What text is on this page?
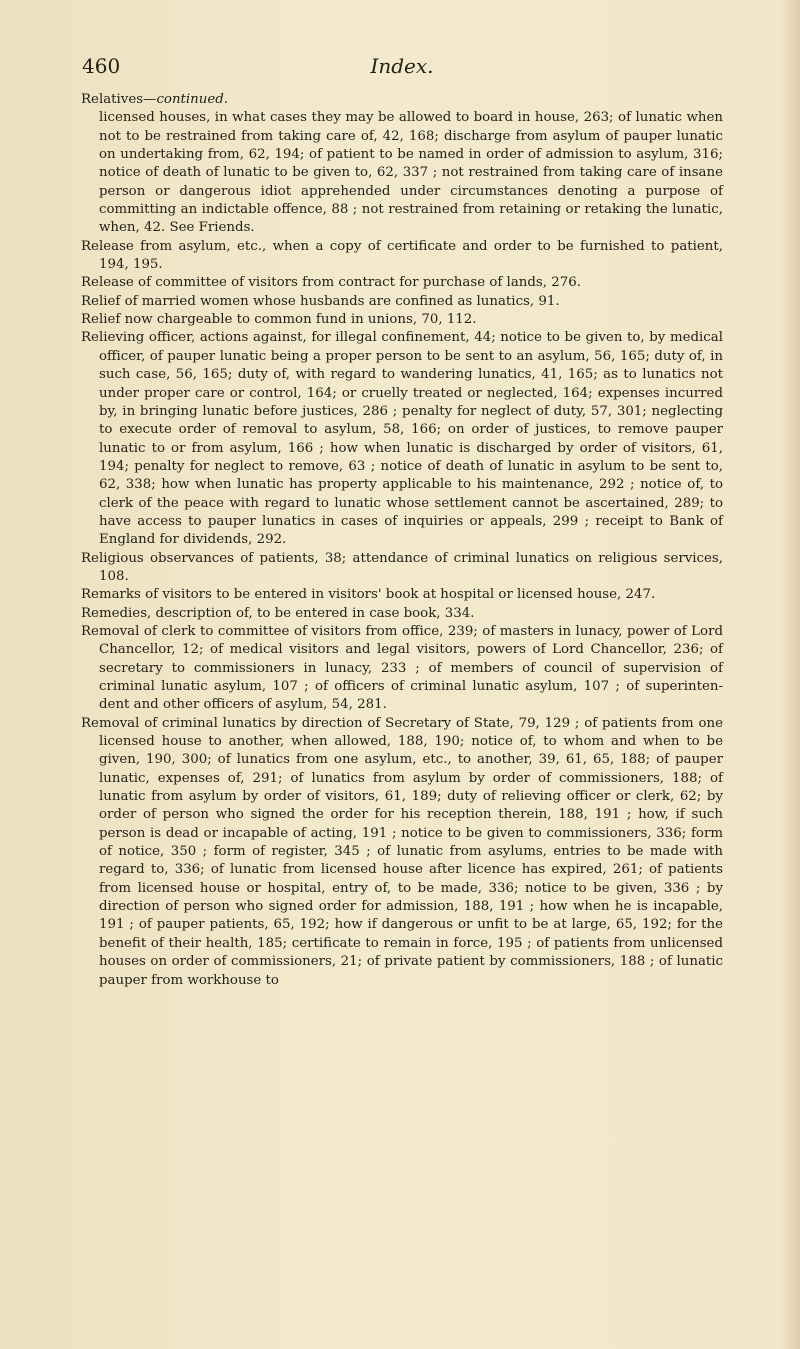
460	Index.

Relatives—continued.
licensed houses, in what cases they may be allowed to board in house, 263; of lunatic when not to be restrained from taking care of, 42, 168; discharge from asylum of pauper lunatic on undertaking from, 62, 194; of patient to be named in order of admission to asylum, 316; notice of death of lunatic to be given to, 62, 337 ; not restrained from taking care of insane person or dangerous idiot apprehended under circumstances denoting a purpose of committing an indictable offence, 88 ; not restrained from retaining or retaking the lunatic, when, 42. See Friends.

Release from asylum, etc., when a copy of certificate and order to be furnished to patient, 194, 195.

Release of committee of visitors from contract for purchase of lands, 276.

Relief of married women whose husbands are confined as lunatics, 91.

Relief now chargeable to common fund in unions, 70, 112.

Relieving officer, actions against, for illegal confinement, 44; notice to be given to, by medical officer, of pauper lunatic being a proper person to be sent to an asylum, 56, 165; duty of, in such case, 56, 165; duty of, with regard to wandering lunatics, 41, 165; as to lunatics not under proper care or control, 164; or cruelly treated or neglected, 164; expenses incurred by, in bringing lunatic before justices, 286 ; penalty for neglect of duty, 57, 301; neglecting to execute order of removal to asylum, 58, 166; on order of justices, to remove pauper lunatic to or from asylum, 166 ; how when lunatic is discharged by order of visitors, 61, 194; penalty for neglect to remove, 63 ; notice of death of lunatic in asylum to be sent to, 62, 338; how when lunatic has property applicable to his maintenance, 292 ; notice of, to clerk of the peace with regard to lunatic whose settlement cannot be ascertained, 289; to have access to pauper lunatics in cases of inquiries or appeals, 299 ; receipt to Bank of England for dividends, 292.

Religious observances of patients, 38; attendance of criminal lunatics on religious services, 108.

Remarks of visitors to be entered in visitors' book at hospital or licensed house, 247.

Remedies, description of, to be entered in case book, 334.

Removal of clerk to committee of visitors from office, 239; of masters in lunacy, power of Lord Chancellor, 12; of medical visitors and legal visitors, powers of Lord Chancellor, 236; of secretary to commissioners in lunacy, 233 ; of members of council of supervision of criminal lunatic asylum, 107 ; of officers of criminal lunatic asylum, 107 ; of superinten-dent and other officers of asylum, 54, 281.

Removal of criminal lunatics by direction of Secretary of State, 79, 129 ; of patients from one licensed house to another, when allowed, 188, 190; notice of, to whom and when to be given, 190, 300; of lunatics from one asylum, etc., to another, 39, 61, 65, 188; of pauper lunatic, expenses of, 291; of lunatics from asylum by order of commissioners, 188; of lunatic from asylum by order of visitors, 61, 189; duty of relieving officer or clerk, 62; by order of person who signed the order for his reception therein, 188, 191 ; how, if such person is dead or incapable of acting, 191 ; notice to be given to commissioners, 336; form of notice, 350 ; form of register, 345 ; of lunatic from asylums, entries to be made with regard to, 336; of lunatic from licensed house after licence has expired, 261; of patients from licensed house or hospital, entry of, to be made, 336; notice to be given, 336 ; by direction of person who signed order for admission, 188, 191 ; how when he is incapable, 191 ; of pauper patients, 65, 192; how if dangerous or unfit to be at large, 65, 192; for the benefit of their health, 185; certificate to remain in force, 195 ; of patients from unlicensed houses on order of commissioners, 21; of private patient by commissioners, 188 ; of lunatic pauper from workhouse to
